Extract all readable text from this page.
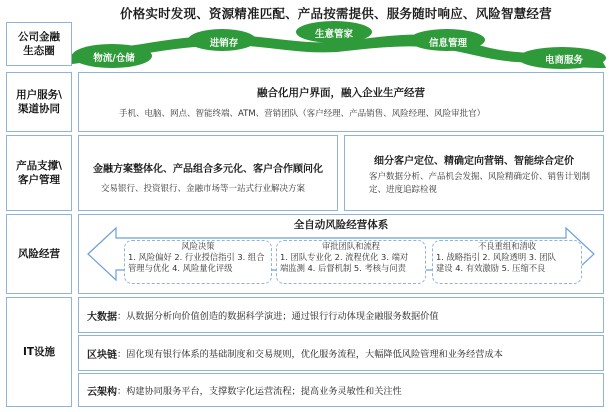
价格实时发现、资源精准匹配、产品按需提供、服务随时响应、风险智慧经营
公司金融
生态圈
物流/仓储
进销存
生意管家
信息管理
电商服务
用户服务\
渠道协同
产品支撑\
客户管理
风险经营
IT设施
融合化用户界面，融入企业生产经营
手机、电脑、网点、智能终端、ATM、营销团队（客户经理、产品销售、风险经理、风险审批官）
金融方案整体化、产品组合多元化、客户合作顾问化
交易银行、投资银行、金融市场等一站式行业解决方案
细分客户定位、精确定向营销、智能综合定价
客户数据分析、产品机会发掘、风险精确定价、销售计划制定、进度追踪检视
全自动风险经营体系
风险决策
1. 风险偏好 2. 行业授信指引 3. 组合
管理与优化 4. 风险量化评级
审批团队和流程
1. 团队专业化 2. 流程优化 3. 端对
端监测 4. 后督机制 5. 考核与问责
不良重组和清收
1. 战略指引 2. 风险透明 3. 团队
建设 4. 有效激励 5. 压缩不良
大数据 ：从数据分析向价值创造的数据科学演进；通过银行行动体现金融服务数据价值
区块链 ：固化现有银行体系的基础制度和交易规则，优化服务流程，大幅降低风险管理和业务经营成本
云架构 ：构建协同服务平台，支撑数字化运营流程；提高业务灵敏性和关注性
